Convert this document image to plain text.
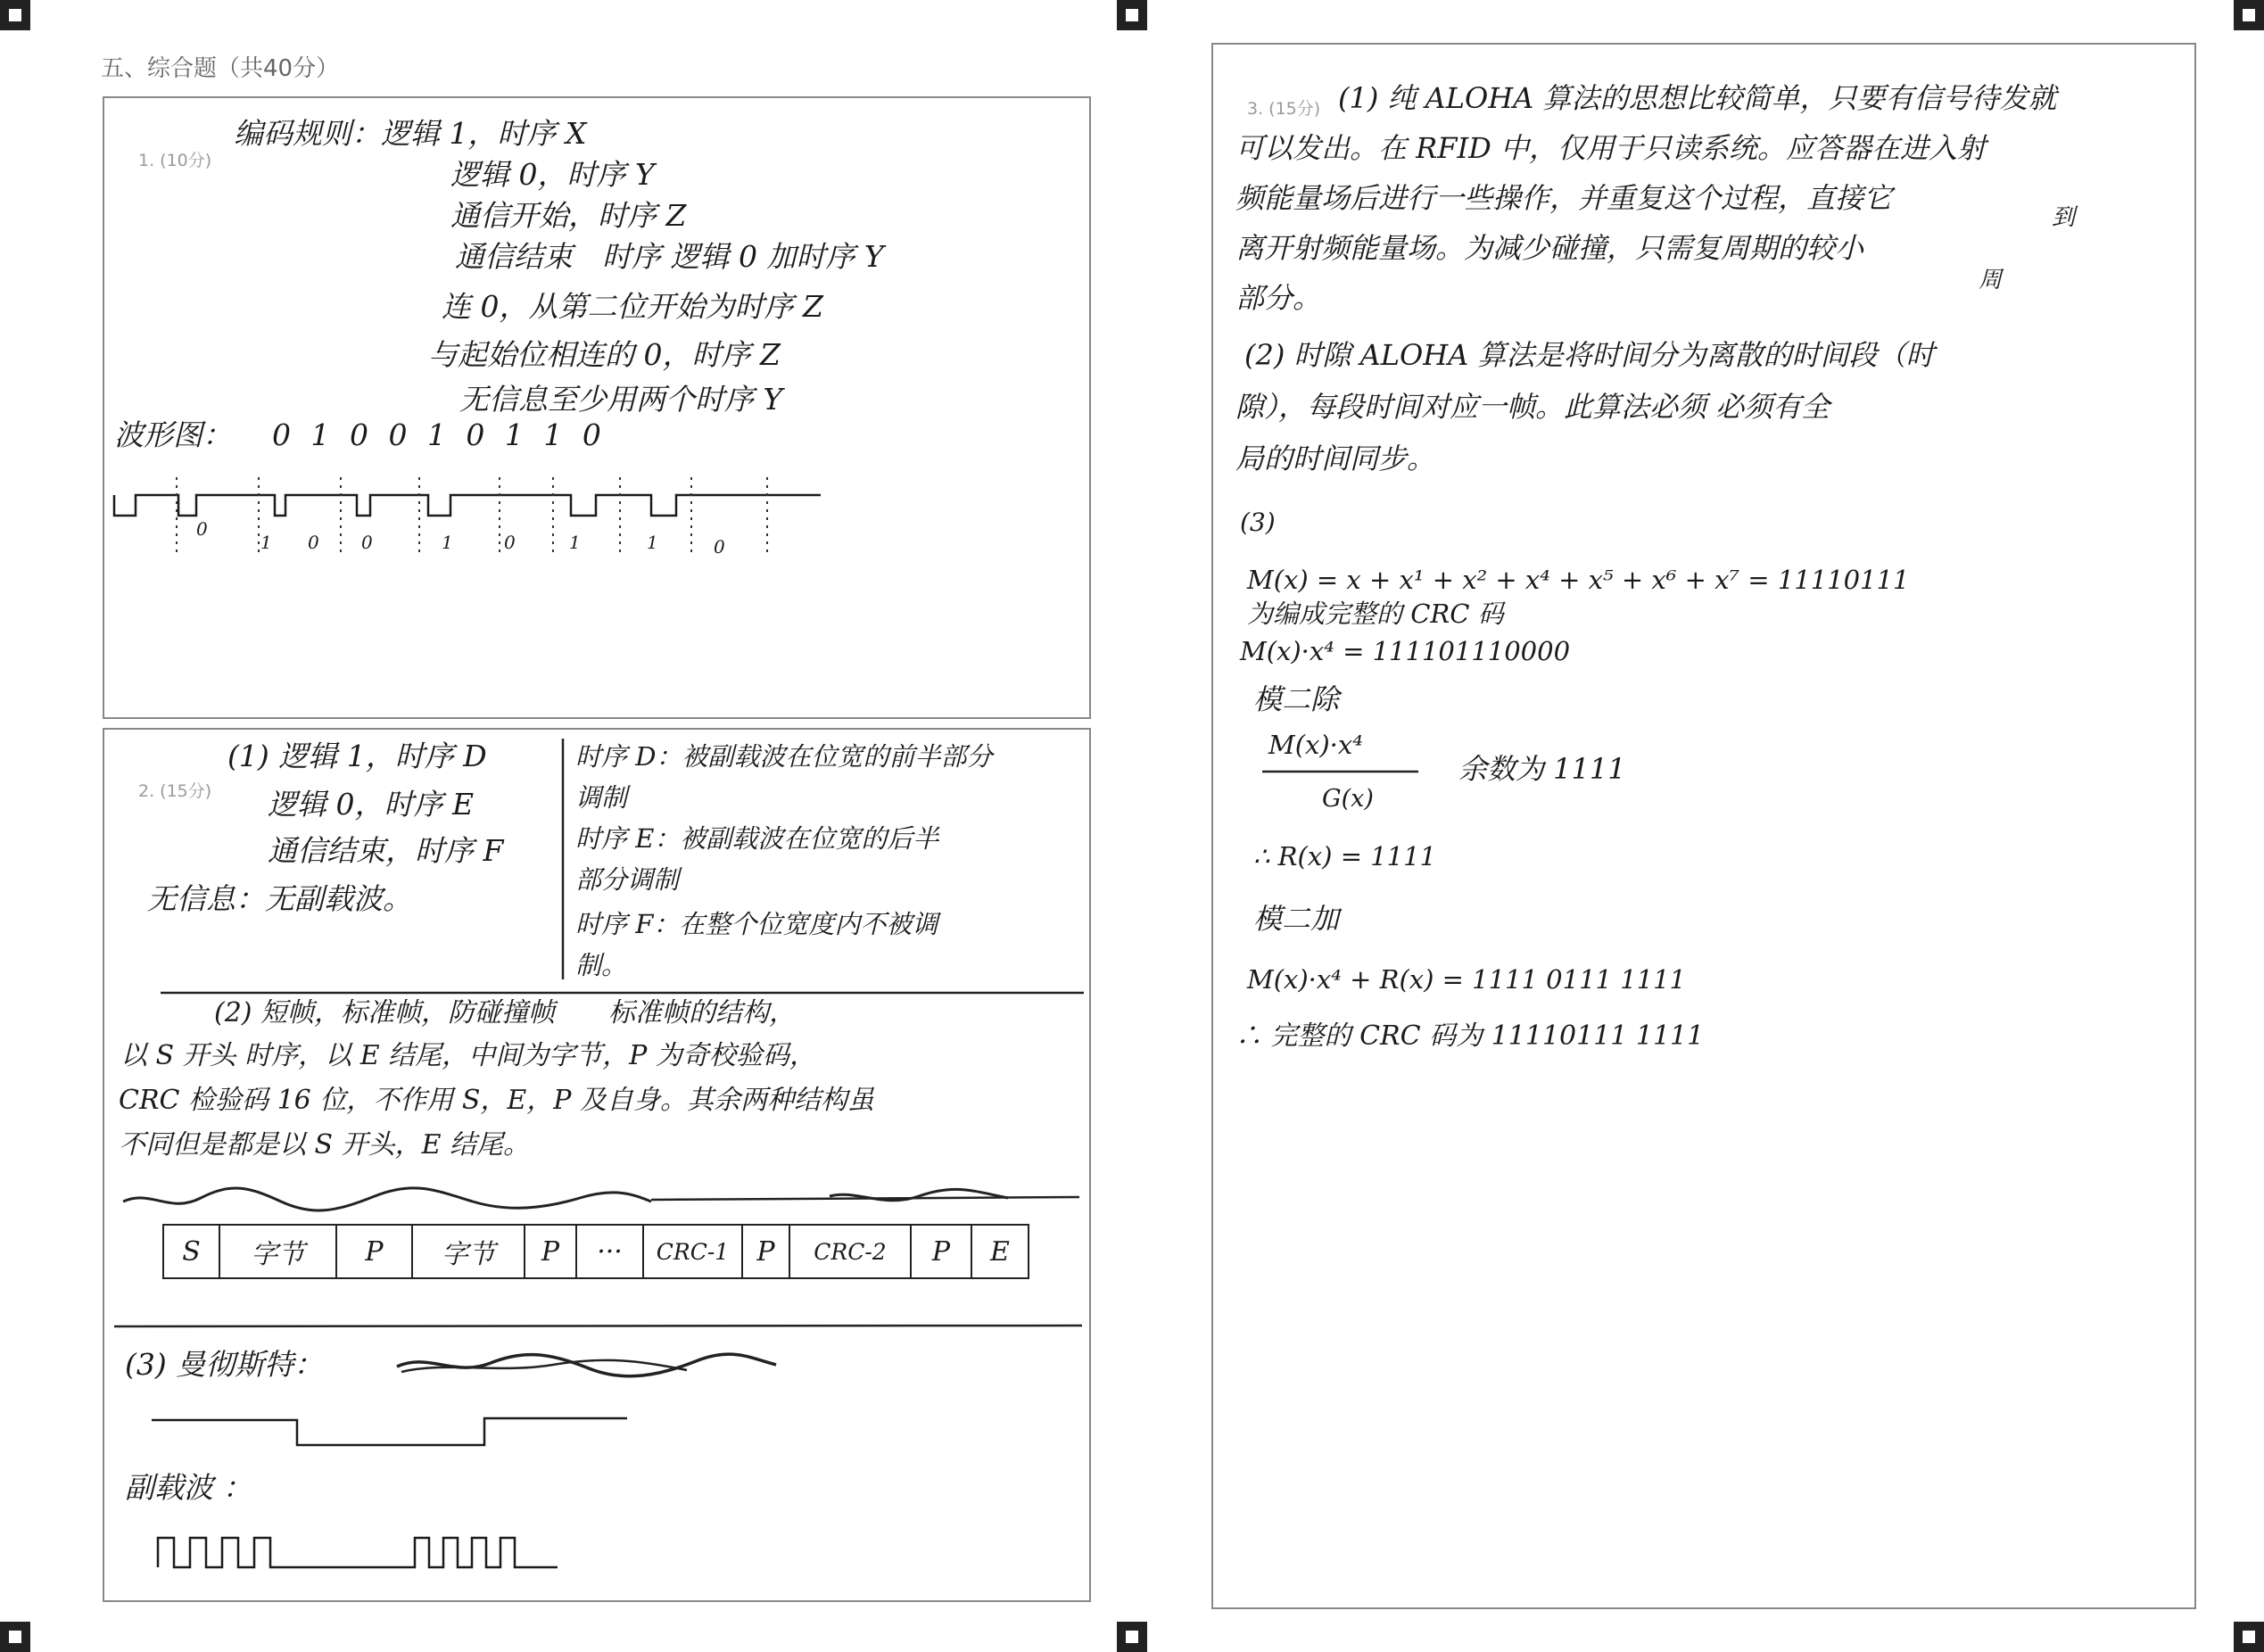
五、综合题（共40分）
1. (10分)
编码规则：逻辑 1，时序 X
逻辑 0，时序 Y
通信开始，时序 Z
通信结束　时序 逻辑 0 加时序 Y
连 0，从第二位开始为时序 Z
与起始位相连的 0，时序 Z
无信息至少用两个时序 Y
波形图： 0 1 0 0 1 0 1 1 0
0
1 0 0	1	0	1	1	0
2. (15分)
(1) 逻辑 1，时序 D
逻辑 0，时序 E
通信结束，时序 F
无信息：无副载波。
时序 D：被副载波在位宽的前半部分
调制
时序 E：被副载波在位宽的后半
部分调制
时序 F：在整个位宽度内不被调
制。
(2) 短帧，标准帧，防碰撞帧　　标准帧的结构，
以 S 开头 时序，以 E 结尾，中间为字节，P 为奇校验码，
CRC 检验码 16 位，不作用 S，E，P 及自身。其余两种结构虽
不同但是都是以 S 开头，E 结尾。
S	字节	P	字节	P	···	CRC-1	P	CRC-2	P	E
(3) 曼彻斯特：
副载波 ：
3. (15分) (1) 纯 ALOHA 算法的思想比较简单，只要有信号待发就
可以发出。在 RFID 中，仅用于只读系统。应答器在进入射
频能量场后进行一些操作，并重复这个过程，直接它
离开射频能量场。为减少碰撞，只需复周期的较小
到
周
部分。
(2) 时隙 ALOHA 算法是将时间分为离散的时间段（时
隙），每段时间对应一帧。此算法必须 必须有全
局的时间同步。
(3)
M(x) = x + x¹ + x² + x⁴ + x⁵ + x⁶ + x⁷ = 11110111
为编成完整的 CRC 码
M(x)·x⁴ = 111101110000
模二除
M(x)·x⁴
G(x)
余数为 1111
∴ R(x) = 1111
模二加
M(x)·x⁴ + R(x) = 1111 0111 1111
∴ 完整的 CRC 码为 11110111 1111
